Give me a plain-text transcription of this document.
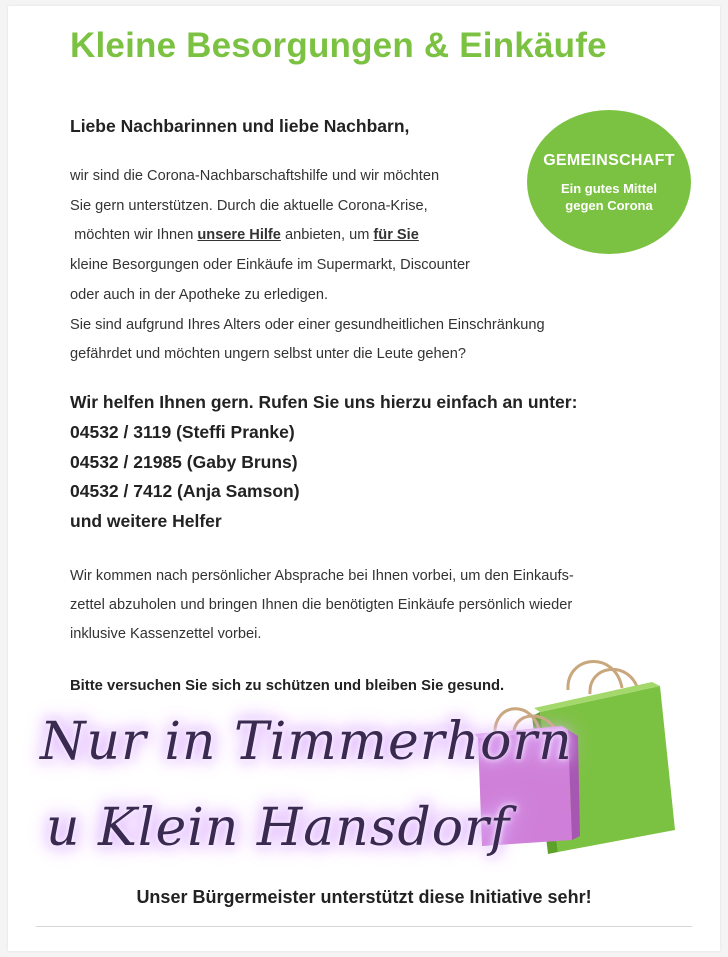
Kleine Besorgungen & Einkäufe
Liebe Nachbarinnen und liebe Nachbarn,
wir sind die Corona-Nachbarschaftshilfe und wir möchten
Sie gern unterstützen. Durch die aktuelle Corona-Krise,
möchten wir Ihnen unsere Hilfe anbieten, um für Sie
kleine Besorgungen oder Einkäufe im Supermarkt, Discounter
oder auch in der Apotheke zu erledigen.
Sie sind aufgrund Ihres Alters oder einer gesundheitlichen Einschränkung
gefährdet und möchten ungern selbst unter die Leute gehen?
GEMEINSCHAFT
Ein gutes Mittel
gegen Corona
Wir helfen Ihnen gern. Rufen Sie uns hierzu einfach an unter:
04532 / 3119 (Steffi Pranke)
04532 / 21985 (Gaby Bruns)
04532 / 7412 (Anja Samson)
und weitere Helfer
Wir kommen nach persönlicher Absprache bei Ihnen vorbei, um den Einkaufs-
zettel abzuholen und bringen Ihnen die benötigten Einkäufe persönlich wieder
inklusive Kassenzettel vorbei.
Bitte versuchen Sie sich zu schützen und bleiben Sie gesund.
Nur in Timmerhorn
u Klein Hansdorf
Unser Bürgermeister unterstützt diese Initiative sehr!
